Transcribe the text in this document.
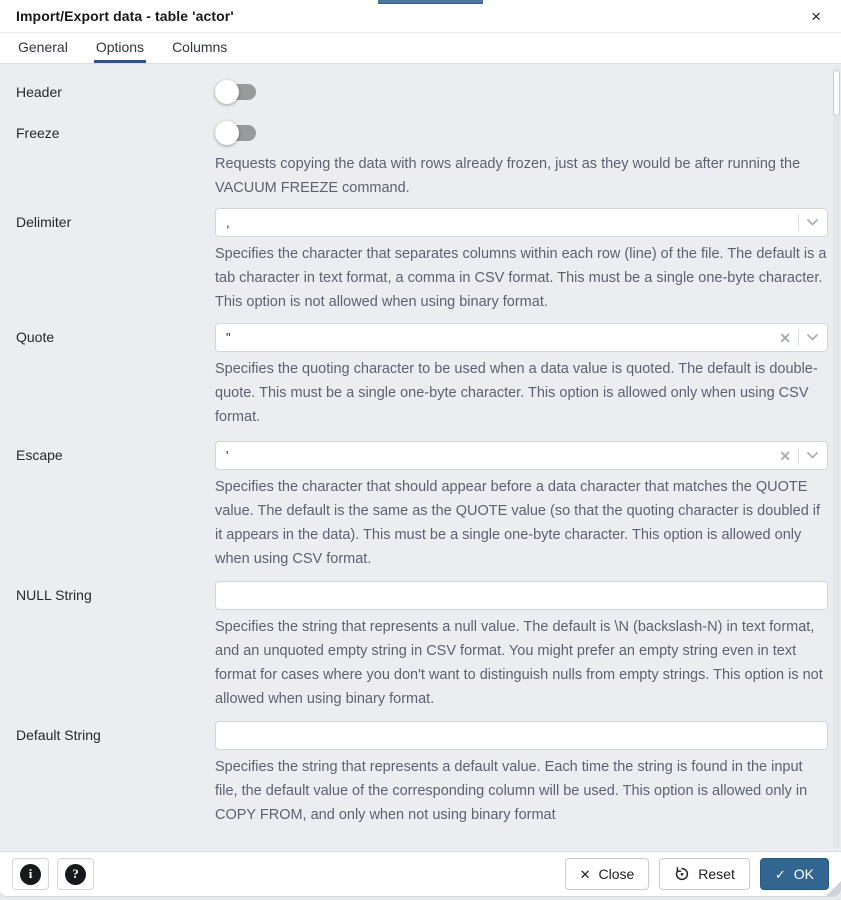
Import/Export data - table 'actor'	×
General Options Columns
Header
Freeze
Requests copying the data with rows already frozen, just as they would be after running the VACUUM FREEZE command.
Delimiter	,
Specifies the character that separates columns within each row (line) of the file. The default is a tab character in text format, a comma in CSV format. This must be a single one-byte character. This option is not allowed when using binary format.
Quote	"	✕
Specifies the quoting character to be used when a data value is quoted. The default is double-quote. This must be a single one-byte character. This option is allowed only when using CSV format.
Escape	'	✕
Specifies the character that should appear before a data character that matches the QUOTE value. The default is the same as the QUOTE value (so that the quoting character is doubled if it appears in the data). This must be a single one-byte character. This option is allowed only when using CSV format.
NULL String
Specifies the string that represents a null value. The default is \N (backslash-N) in text format, and an unquoted empty string in CSV format. You might prefer an empty string even in text format for cases where you don't want to distinguish nulls from empty strings. This option is not allowed when using binary format.
Default String
Specifies the string that represents a default value. Each time the string is found in the input file, the default value of the corresponding column will be used. This option is allowed only in COPY FROM, and only when not using binary format
i	?	✕ Close	Reset	✓ OK
